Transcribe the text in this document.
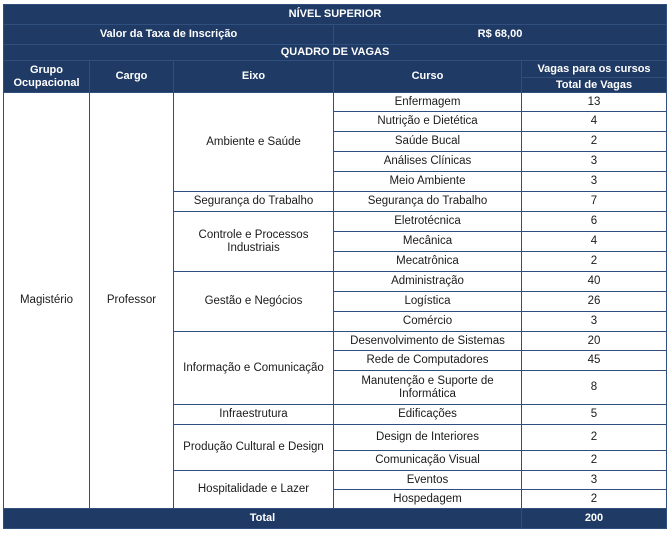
NÍVEL SUPERIOR				
Valor da Taxa de Inscrição			R$ 68,00	
QUADRO DE VAGAS				
Grupo Ocupacional	Cargo	Eixo	Curso	Vagas para os cursos
				Total de Vagas
Magistério	Professor	Ambiente e Saúde	Enfermagem	13
			Nutrição e Dietética	4
			Saúde Bucal	2
			Análises Clínicas	3
			Meio Ambiente	3
		Segurança do Trabalho	Segurança do Trabalho	7
		Controle e Processos Industriais	Eletrotécnica	6
			Mecânica	4
			Mecatrônica	2
		Gestão e Negócios	Administração	40
			Logística	26
			Comércio	3
		Informação e Comunicação	Desenvolvimento de Sistemas	20
			Rede de Computadores	45
			Manutenção e Suporte de Informática	8
		Infraestrutura	Edificações	5
		Produção Cultural e Design	Design de Interiores	2
			Comunicação Visual	2
		Hospitalidade e Lazer	Eventos	3
			Hospedagem	2
Total				200
